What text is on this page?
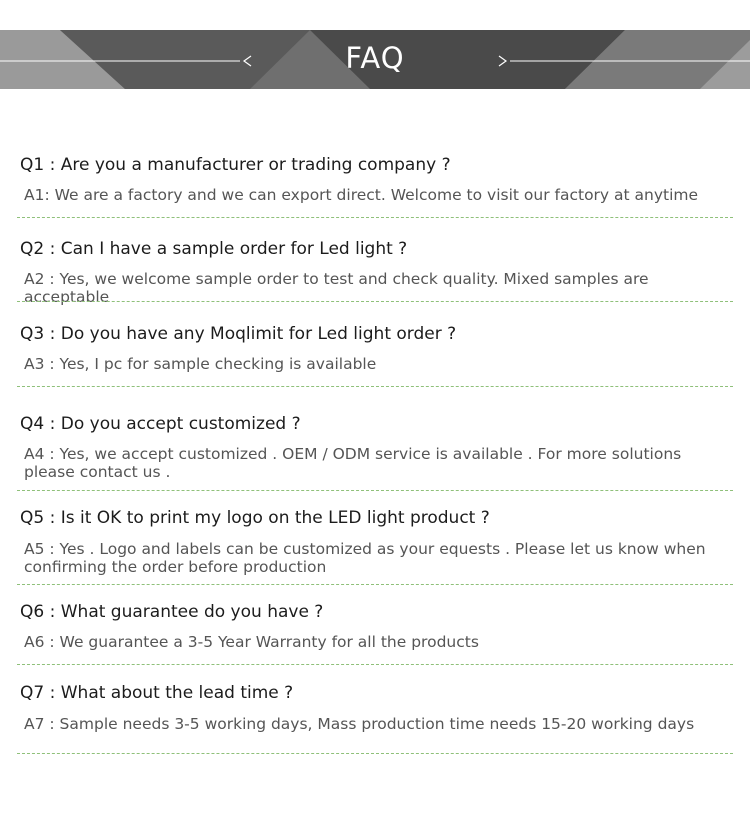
FAQ
Q1 : Are you a manufacturer or trading company ?

A1: We are a factory and we can export direct. Welcome to visit our factory at anytime

Q2 : Can I have a sample order for Led light ?

A2 : Yes, we welcome sample order to test and check quality. Mixed samples are acceptable

Q3 : Do you have any Moqlimit for Led light order ?

A3 : Yes, I pc for sample checking is available

Q4 : Do you accept customized ?

A4 : Yes, we accept customized . OEM / ODM service is available . For more solutions please contact us .

Q5 : Is it OK to print my logo on the LED light product ?

A5 : Yes . Logo and labels can be customized as your equests . Please let us know when confirming the order before production

Q6 : What guarantee do you have ?

A6 : We guarantee a 3-5 Year Warranty for all the products

Q7 : What about the lead time ?

A7 : Sample needs 3-5 working days, Mass production time needs 15-20 working days
